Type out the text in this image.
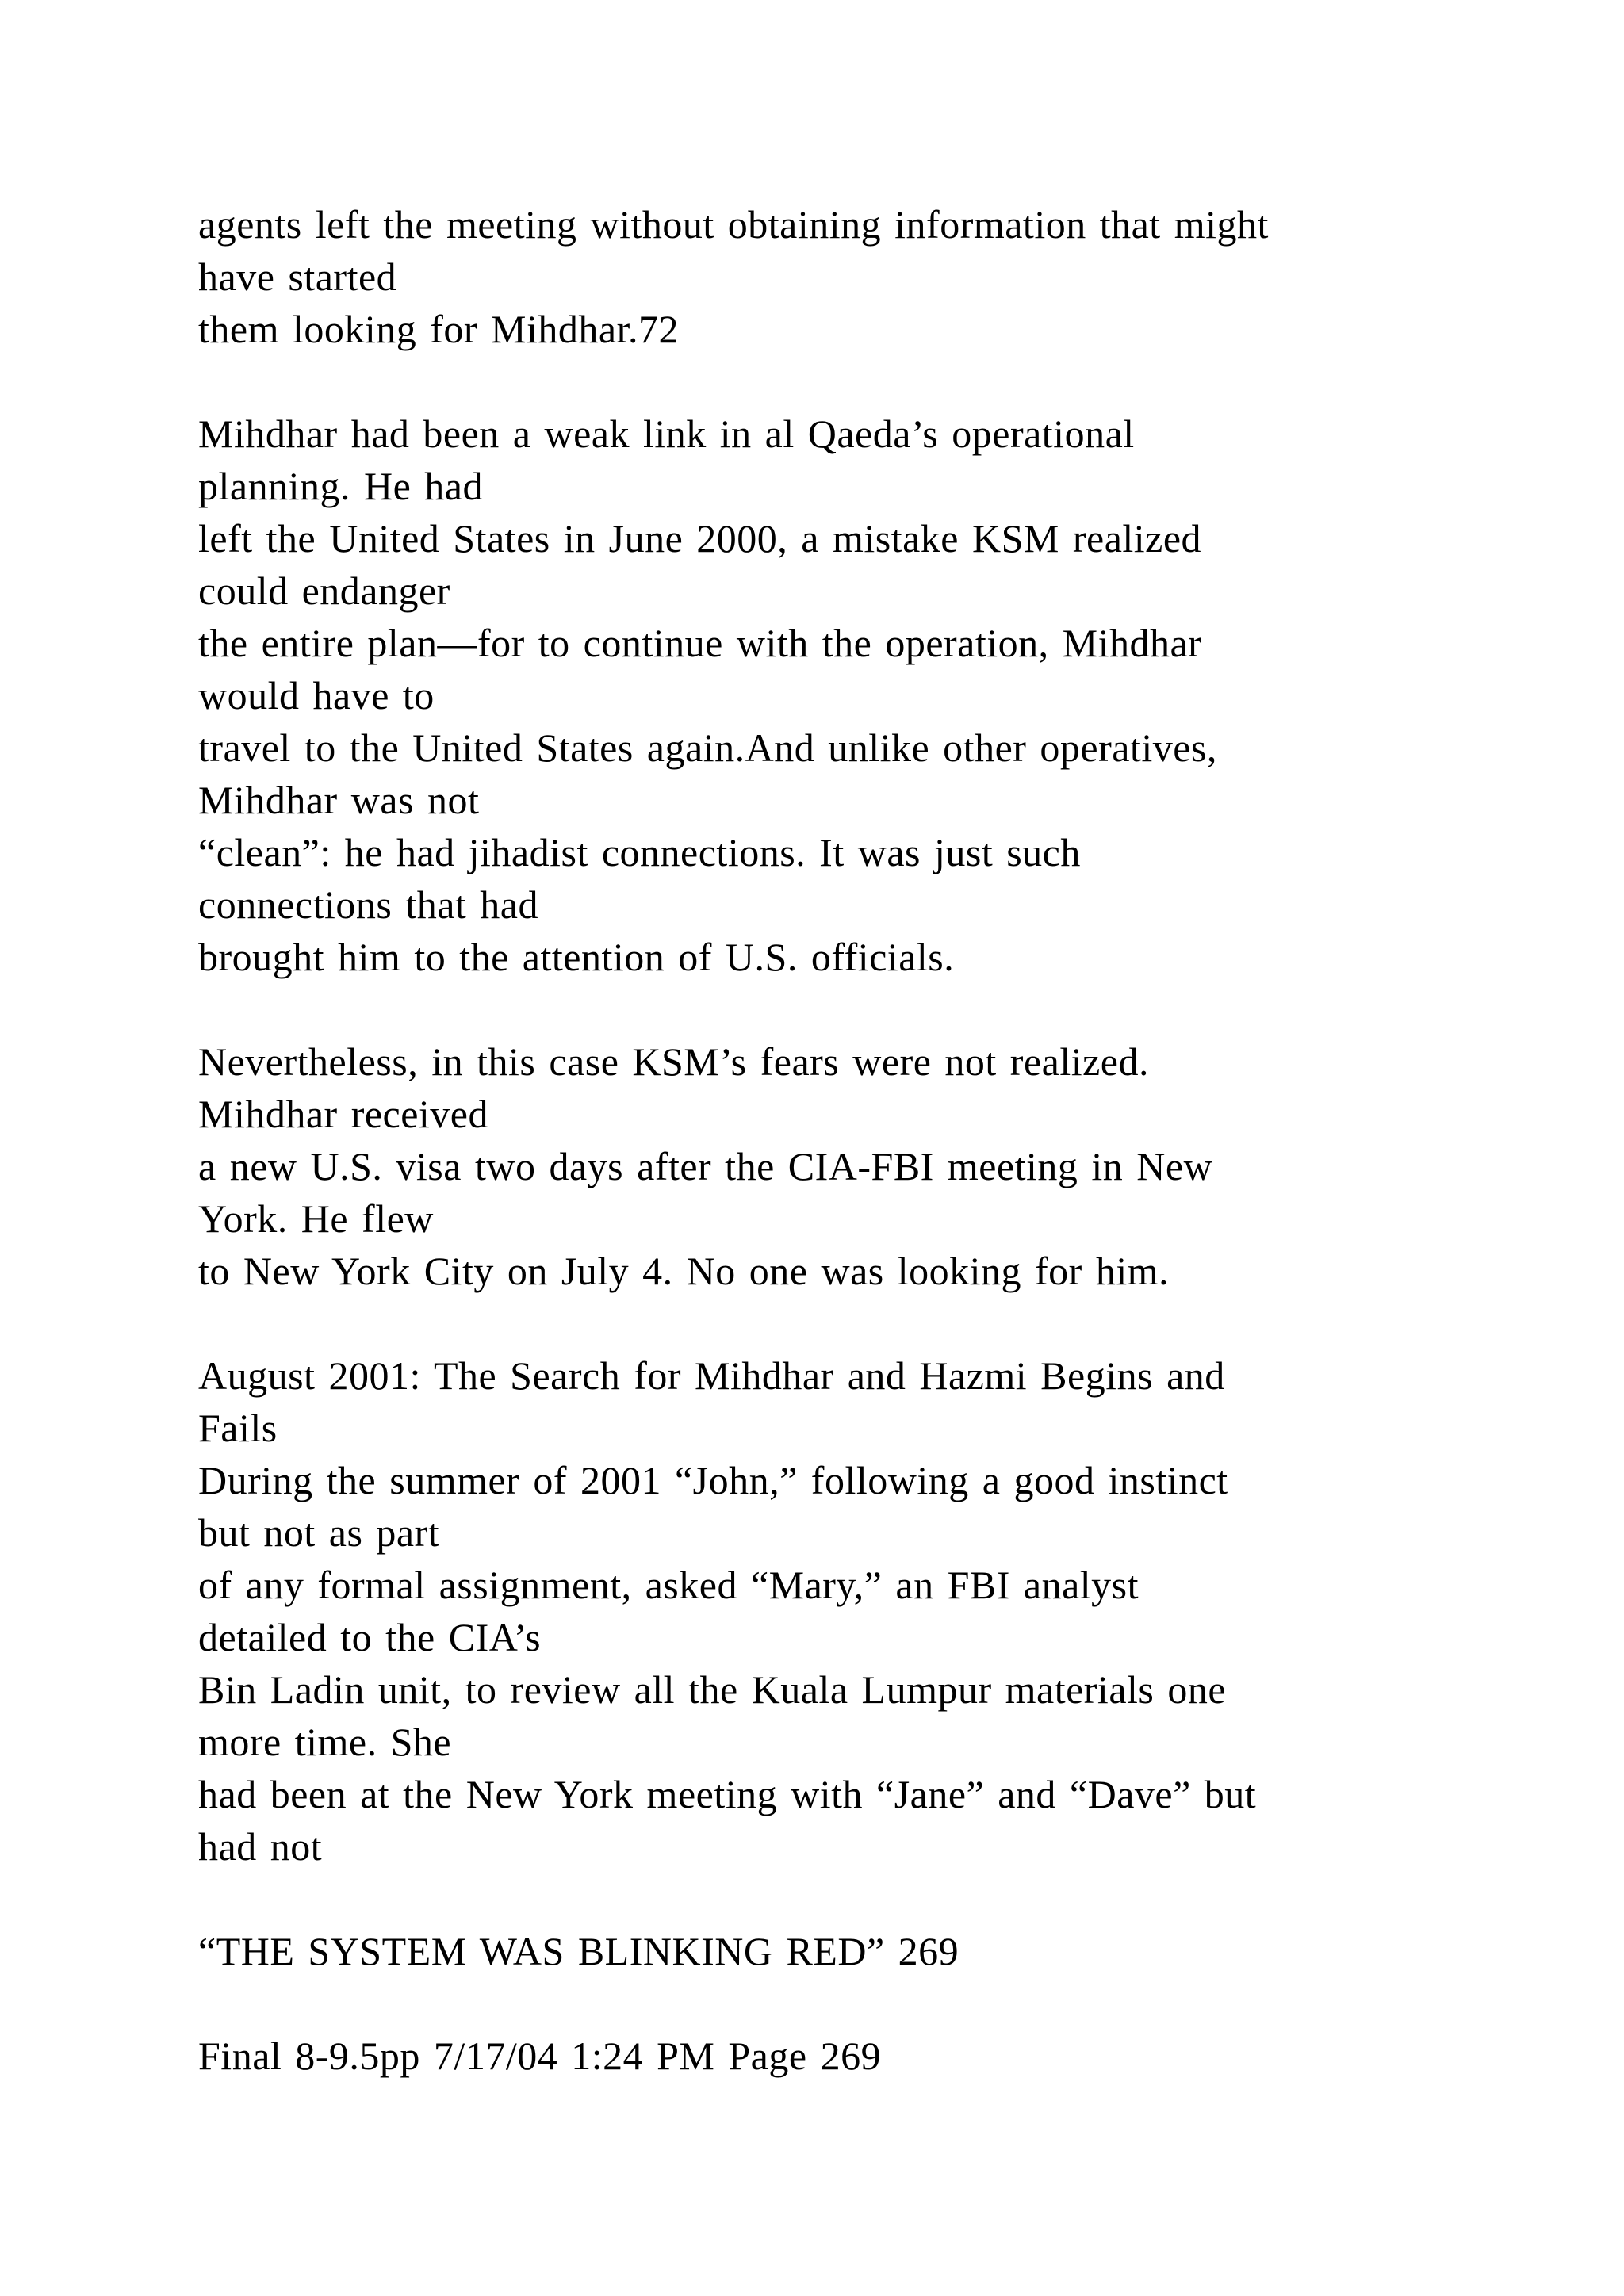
agents left the meeting without obtaining information that might
have started
them looking for Mihdhar.72
Mihdhar had been a weak link in al Qaeda’s operational
planning. He had
left the United States in June 2000, a mistake KSM realized
could endanger
the entire plan—for to continue with the operation, Mihdhar
would have to
travel to the United States again.And unlike other operatives,
Mihdhar was not
“clean”: he had jihadist connections. It was just such
connections that had
brought him to the attention of U.S. officials.
Nevertheless, in this case KSM’s fears were not realized.
Mihdhar received
a new U.S. visa two days after the CIA-FBI meeting in New
York. He flew
to New York City on July 4. No one was looking for him.
August 2001: The Search for Mihdhar and Hazmi Begins and
Fails
During the summer of 2001 “John,” following a good instinct
but not as part
of any formal assignment, asked “Mary,” an FBI analyst
detailed to the CIA’s
Bin Ladin unit, to review all the Kuala Lumpur materials one
more time. She
had been at the New York meeting with “Jane” and “Dave” but
had not
“THE SYSTEM WAS BLINKING RED” 269
Final 8-9.5pp 7/17/04 1:24 PM Page 269
